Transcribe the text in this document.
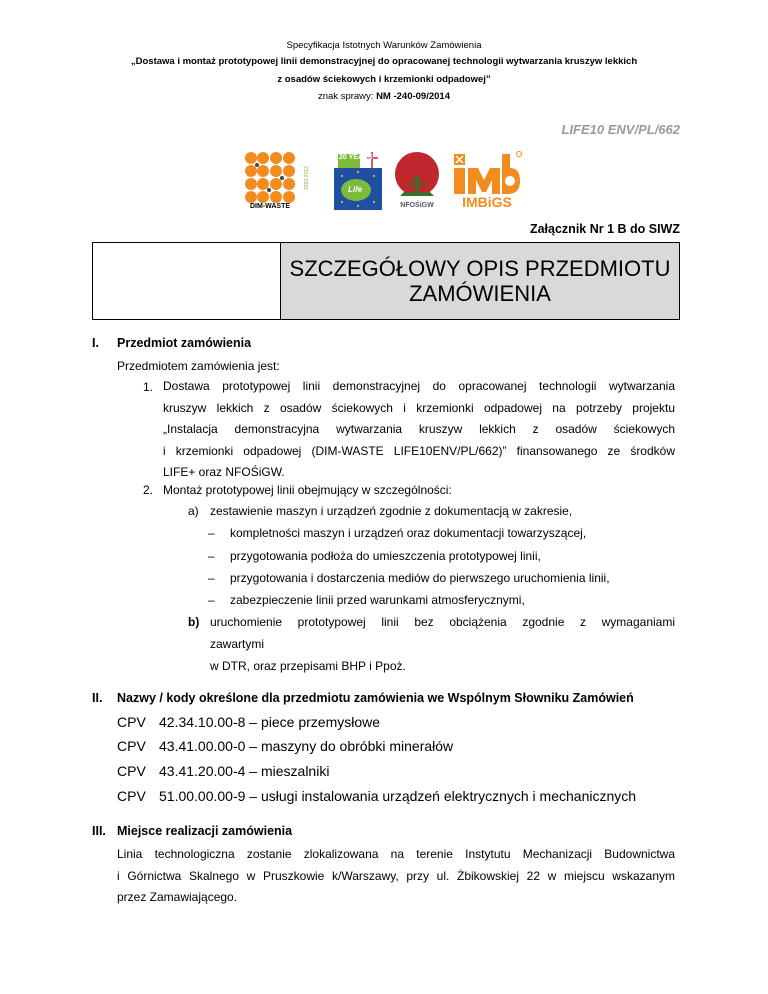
Specyfikacja Istotnych Warunków Zamówienia
„Dostawa i montaż prototypowej linii demonstracyjnej do opracowanej technologii wytwarzania kruszyw lekkich
z osadów ściekowych i krzemionki odpadowej”
znak sprawy: NM -240-09/2014
LIFE10 ENV/PL/662
DIM-WASTE
20 YEARS
Life
1992-2012
NFOŚiGW	IMBiGS
Załącznik Nr 1 B do SIWZ
SZCZEGÓŁOWY OPIS PRZEDMIOTU
ZAMÓWIENIA
I. Przedmiot zamówienia
Przedmiotem zamówienia jest:
1. Dostawa prototypowej linii demonstracyjnej do opracowanej technologii wytwarzania
kruszyw lekkich z osadów ściekowych i krzemionki odpadowej na potrzeby projektu
„Instalacja demonstracyjna wytwarzania kruszyw lekkich z osadów ściekowych
i krzemionki odpadowej (DIM-WASTE LIFE10ENV/PL/662)” finansowanego ze środków
LIFE+ oraz NFOŚiGW.
2. Montaż prototypowej linii obejmujący w szczególności:
a) zestawienie maszyn i urządzeń zgodnie z dokumentacją w zakresie,
– kompletności maszyn i urządzeń oraz dokumentacji towarzyszącej,
– przygotowania podłoża do umieszczenia prototypowej linii,
– przygotowania i dostarczenia mediów do pierwszego uruchomienia linii,
– zabezpieczenie linii przed warunkami atmosferycznymi,
b) uruchomienie prototypowej linii bez obciążenia zgodnie z wymaganiami
zawartymi
w DTR, oraz przepisami BHP i Ppoż.
II. Nazwy / kody określone dla przedmiotu zamówienia we Wspólnym Słowniku Zamówień
CPV 42.34.10.00-8 – piece przemysłowe
CPV 43.41.00.00-0 – maszyny do obróbki minerałów
CPV 43.41.20.00-4 – mieszalniki
CPV 51.00.00.00-9 – usługi instalowania urządzeń elektrycznych i mechanicznych
III. Miejsce realizacji zamówienia
Linia technologiczna zostanie zlokalizowana na terenie Instytutu Mechanizacji Budownictwa
i Górnictwa Skalnego w Pruszkowie k/Warszawy, przy ul. Żbikowskiej 22 w miejscu wskazanym
przez Zamawiającego.
